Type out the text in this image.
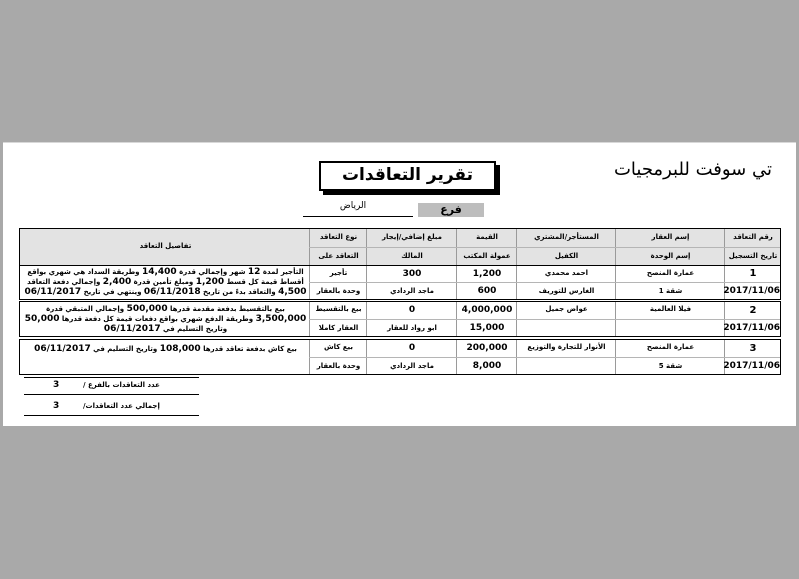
تي سوفت للبرمجيات
تقرير التعاقدات
فرع
الرياض
رقم التعاقد
تاريخ التسجيل
إسم العقار
إسم الوحدة
المستأجر/المشتري
الكفيل
القيمة
عمولة المكتب
مبلغ إضافي/إيجار
المالك
نوع التعاقد
التعاقد على
تفاصيل التعاقد
1
2017/11/06
عمارة المنصح
شقة 1
احمد محمدي
الغارس للتوريف
1,200
600
300
ماجد الردادي
تأجير
وحدة بالعقار
التأجير لمدة 12 شهر وإجمالي قدرة 14,400 وطريقة السداد هي شهري بواقع أقساط قيمة كل قسط 1,200 ومبلغ تأمين قدرة 2,400 وإجمالي دفعة التعاقد 4,500 والتعاقد بدءً من تاريخ 06/11/2018 وينتهي في تاريخ 06/11/2017
2
2017/11/06
فيلا العالمية
عواض جميل
4,000,000
15,000
0
ابو رواد للعقار
بيع بالتقسيط
العقار كاملا
بيع بالتقسيط بدفعة مقدمة قدرها 500,000 وإجمالي المتبقي قدرة 3,500,000 وطريقة الدفع شهري بواقع دفعات قيمة كل دفعة قدرها 50,000 وتاريخ التسليم في 06/11/2017
3
2017/11/06
عمارة المنصح
شقة 5
الأنوار للتجارة والتوزيع
200,000
8,000
0
ماجد الردادي
بيع كاش
وحدة بالعقار
بيع كاش بدفعة تعاقد قدرها 108,000 وتاريخ التسليم في 06/11/2017
عدد التعاقدات بالفرع /
3
إجمالي عدد التعاقدات/
3
